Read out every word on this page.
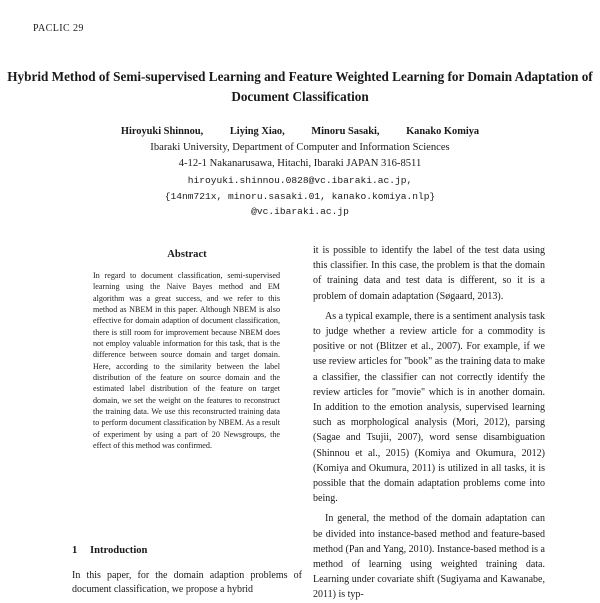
PACLIC 29
Hybrid Method of Semi-supervised Learning and Feature Weighted Learning for Domain Adaptation of Document Classification
Hiroyuki Shinnou,	Liying Xiao,	Minoru Sasaki,	Kanako Komiya
Ibaraki University, Department of Computer and Information Sciences
4-12-1 Nakanarusawa, Hitachi, Ibaraki JAPAN 316-8511
hiroyuki.shinnou.0828@vc.ibaraki.ac.jp,
{14nm721x, minoru.sasaki.01, kanako.komiya.nlp}
@vc.ibaraki.ac.jp
Abstract
In regard to document classification, semi-supervised learning using the Naive Bayes method and EM algorithm was a great success, and we refer to this method as NBEM in this paper. Although NBEM is also effective for domain adaption of document classification, there is still room for improvement because NBEM does not employ valuable information for this task, that is the difference between source domain and target domain. Here, according to the similarity between the label distribution of the feature on source domain and the estimated label distribution of the feature on target domain, we set the weight on the features to reconstruct the training data. We use this reconstructed training data to perform document classification by NBEM. As a result of experiment by using a part of 20 Newsgroups, the effect of this method was confirmed.
1 Introduction
In this paper, for the domain adaption problems of document classification, we propose a hybrid

it is possible to identify the label of the test data using this classifier. In this case, the problem is that the domain of training data and test data is different, so it is a problem of domain adaptation (Søgaard, 2013).

As a typical example, there is a sentiment analysis task to judge whether a review article for a commodity is positive or not (Blitzer et al., 2007). For example, if we use review articles for "book" as the training data to make a classifier, the classifier can not correctly identify the review articles for "movie" which is in another domain. In addition to the emotion analysis, supervised learning such as morphological analysis (Mori, 2012), parsing (Sagae and Tsujii, 2007), word sense disambiguation (Shinnou et al., 2015) (Komiya and Okumura, 2012) (Komiya and Okumura, 2011) is utilized in all tasks, it is possible that the domain adaptation problems come into being.

In general, the method of the domain adaptation can be divided into instance-based method and feature-based method (Pan and Yang, 2010). Instance-based method is a method of learning using weighted training data. Learning under covariate shift (Sugiyama and Kawanabe, 2011) is typ-
